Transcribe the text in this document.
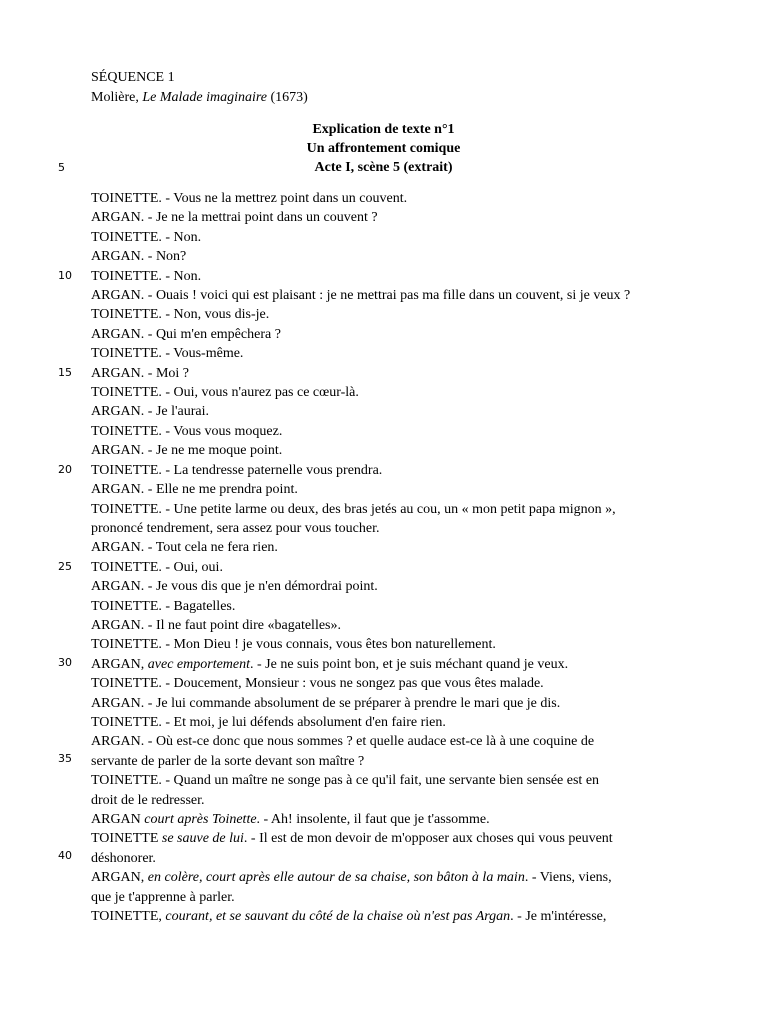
SÉQUENCE 1
Molière, Le Malade imaginaire (1673)
Explication de texte n°1
Un affrontement comique
Acte I, scène 5 (extrait)
5
10
15
20
25
30
35
40
TOINETTE. - Vous ne la mettrez point dans un couvent.
ARGAN. - Je ne la mettrai point dans un couvent ?
TOINETTE. - Non.
ARGAN. - Non?
TOINETTE. - Non.
ARGAN. - Ouais ! voici qui est plaisant : je ne mettrai pas ma fille dans un couvent, si je veux ?
TOINETTE. - Non, vous dis-je.
ARGAN. - Qui m'en empêchera ?
TOINETTE. - Vous-même.
ARGAN. - Moi ?
TOINETTE. - Oui, vous n'aurez pas ce cœur-là.
ARGAN. - Je l'aurai.
TOINETTE. - Vous vous moquez.
ARGAN. - Je ne me moque point.
TOINETTE. - La tendresse paternelle vous prendra.
ARGAN. - Elle ne me prendra point.
TOINETTE. - Une petite larme ou deux, des bras jetés au cou, un « mon petit papa mignon »,
prononcé tendrement, sera assez pour vous toucher.
ARGAN. - Tout cela ne fera rien.
TOINETTE. - Oui, oui.
ARGAN. - Je vous dis que je n'en démordrai point.
TOINETTE. - Bagatelles.
ARGAN. - Il ne faut point dire «bagatelles».
TOINETTE. - Mon Dieu ! je vous connais, vous êtes bon naturellement.
ARGAN, avec emportement. - Je ne suis point bon, et je suis méchant quand je veux.
TOINETTE. - Doucement, Monsieur : vous ne songez pas que vous êtes malade.
ARGAN. - Je lui commande absolument de se préparer à prendre le mari que je dis.
TOINETTE. - Et moi, je lui défends absolument d'en faire rien.
ARGAN. - Où est-ce donc que nous sommes ? et quelle audace est-ce là à une coquine de
servante de parler de la sorte devant son maître ?
TOINETTE. - Quand un maître ne songe pas à ce qu'il fait, une servante bien sensée est en
droit de le redresser.
ARGAN court après Toinette. - Ah! insolente, il faut que je t'assomme.
TOINETTE se sauve de lui. - Il est de mon devoir de m'opposer aux choses qui vous peuvent
déshonorer.
ARGAN, en colère, court après elle autour de sa chaise, son bâton à la main. - Viens, viens,
que je t'apprenne à parler.
TOINETTE, courant, et se sauvant du côté de la chaise où n'est pas Argan. - Je m'intéresse,
